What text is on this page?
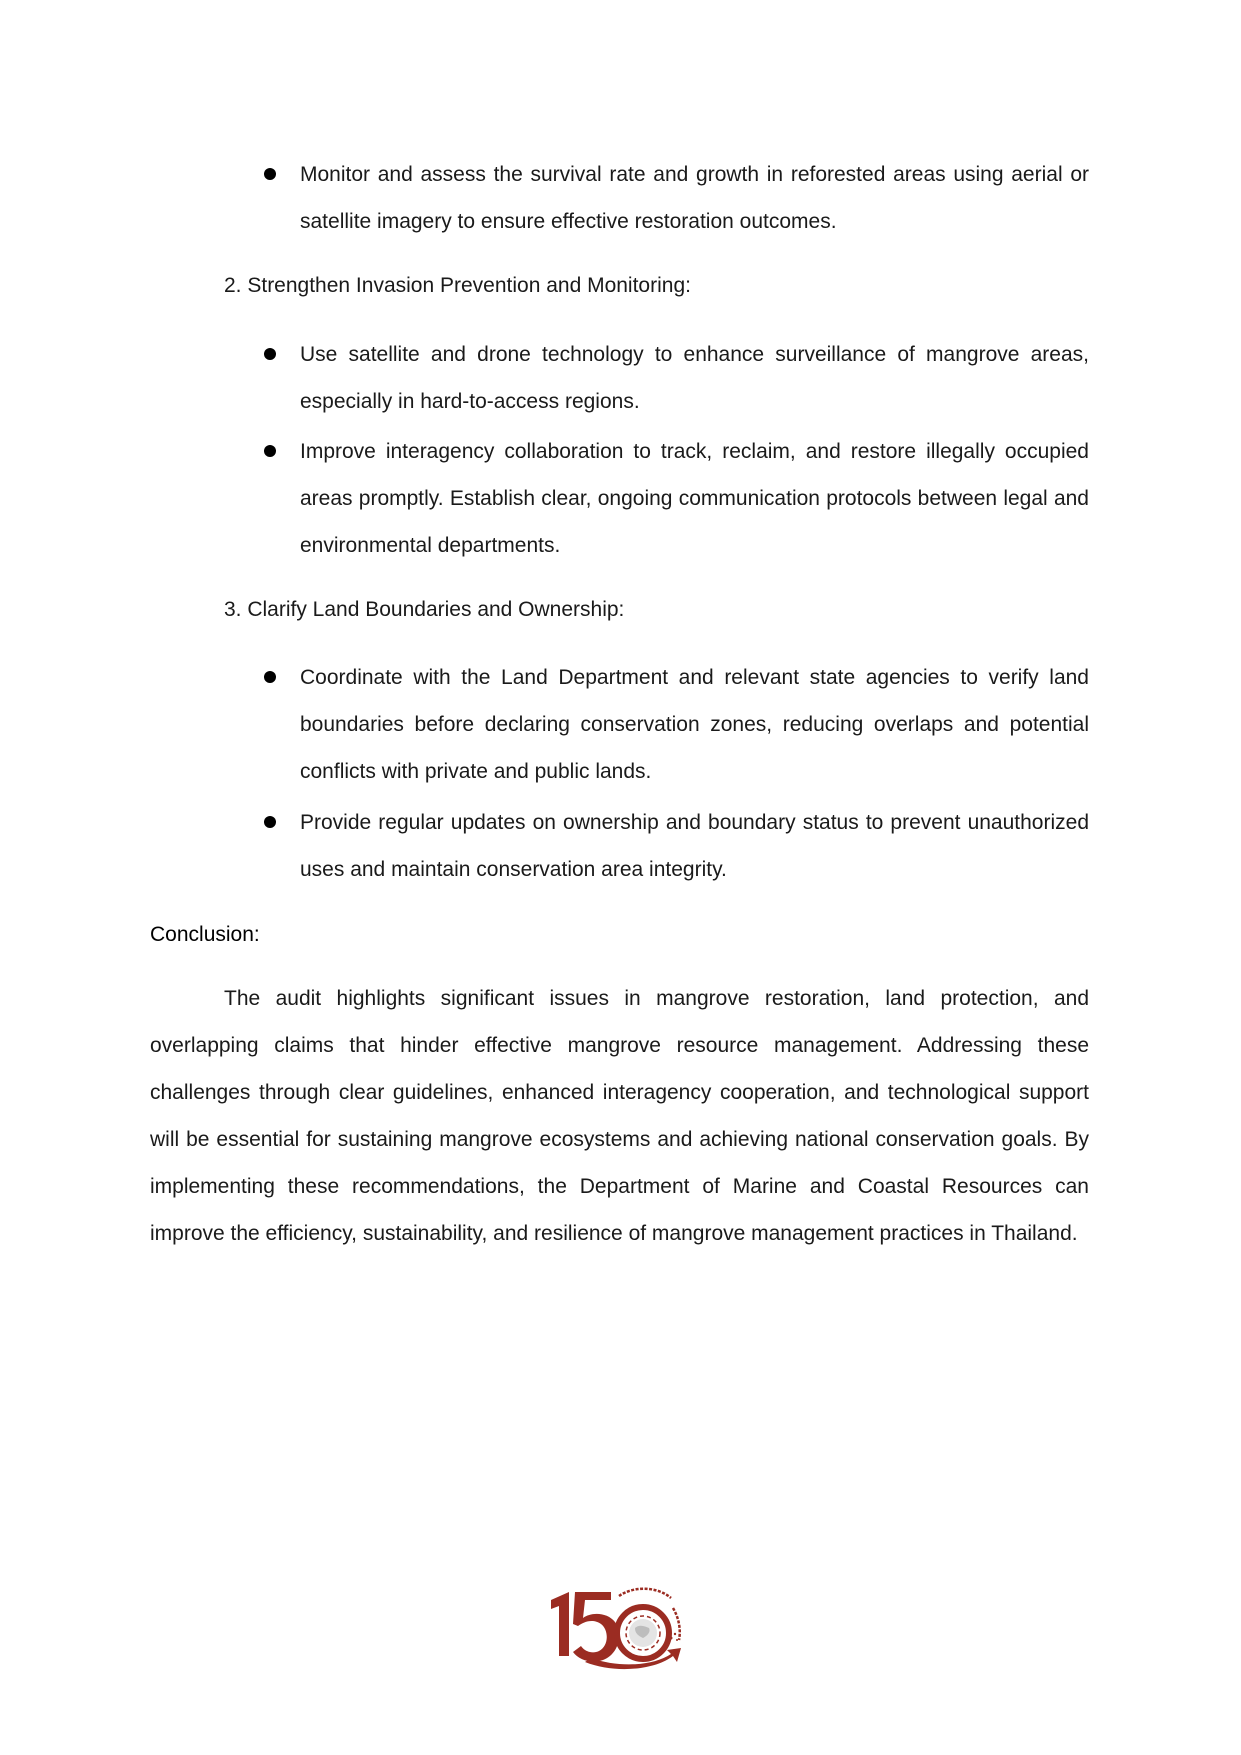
Monitor and assess the survival rate and growth in reforested areas using aerial or satellite imagery to ensure effective restoration outcomes.
2. Strengthen Invasion Prevention and Monitoring:
Use satellite and drone technology to enhance surveillance of mangrove areas, especially in hard-to-access regions.
Improve interagency collaboration to track, reclaim, and restore illegally occupied areas promptly. Establish clear, ongoing communication protocols between legal and environmental departments.
3. Clarify Land Boundaries and Ownership:
Coordinate with the Land Department and relevant state agencies to verify land boundaries before declaring conservation zones, reducing overlaps and potential conflicts with private and public lands.
Provide regular updates on ownership and boundary status to prevent unauthorized uses and maintain conservation area integrity.
Conclusion:
The audit highlights significant issues in mangrove restoration, land protection, and overlapping claims that hinder effective mangrove resource management. Addressing these challenges through clear guidelines, enhanced interagency cooperation, and technological support will be essential for sustaining mangrove ecosystems and achieving national conservation goals. By implementing these recommendations, the Department of Marine and Coastal Resources can improve the efficiency, sustainability, and resilience of mangrove management practices in Thailand.
